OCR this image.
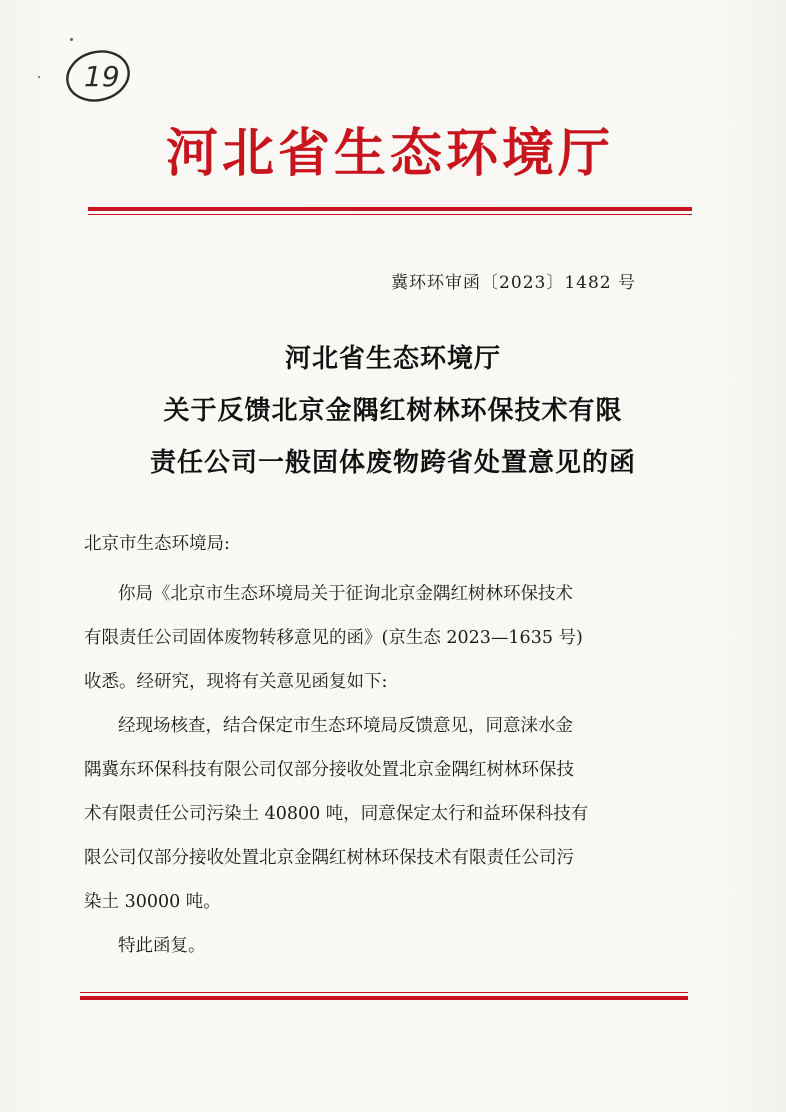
19
河北省生态环境厅
冀环环审函〔2023〕1482 号
河北省生态环境厅
关于反馈北京金隅红树林环保技术有限
责任公司一般固体废物跨省处置意见的函
北京市生态环境局:
你局《北京市生态环境局关于征询北京金隅红树林环保技术
有限责任公司固体废物转移意见的函》(京生态 2023—1635 号)
收悉。经研究，现将有关意见函复如下:
经现场核查，结合保定市生态环境局反馈意见，同意涞水金
隅冀东环保科技有限公司仅部分接收处置北京金隅红树林环保技
术有限责任公司污染土 40800 吨，同意保定太行和益环保科技有
限公司仅部分接收处置北京金隅红树林环保技术有限责任公司污
染土 30000 吨。
特此函复。
